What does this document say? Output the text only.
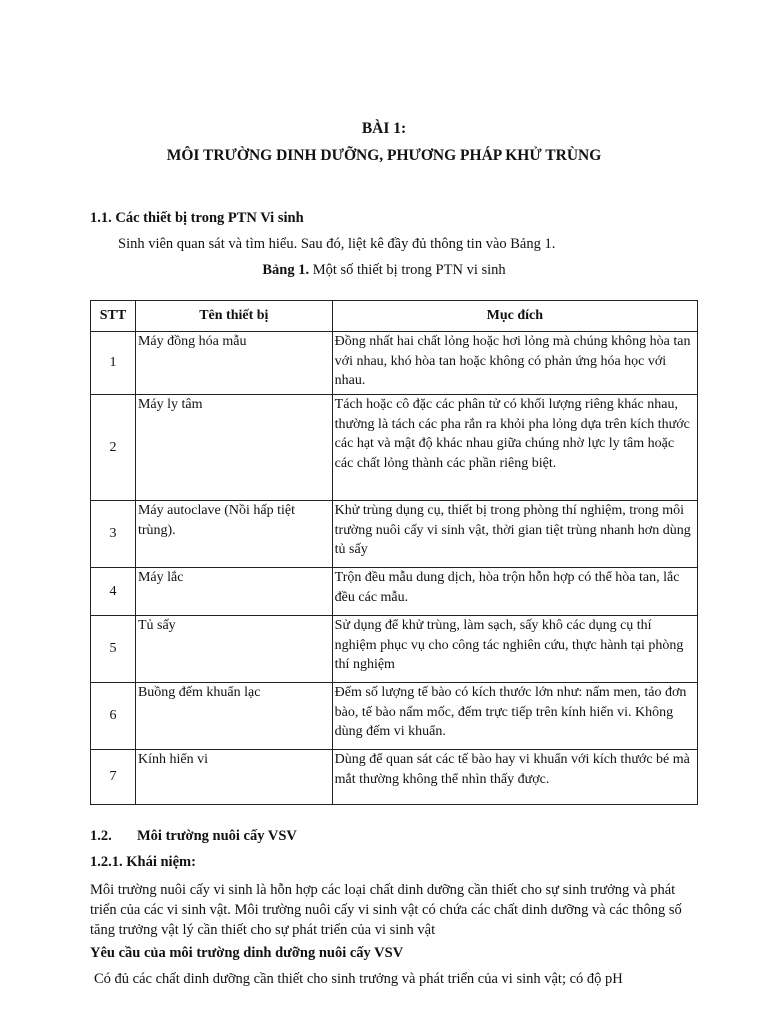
BÀI 1:
MÔI TRƯỜNG DINH DƯỠNG, PHƯƠNG PHÁP KHỬ TRÙNG
1.1. Các thiết bị trong PTN Vi sinh
Sinh viên quan sát và tìm hiểu. Sau đó, liệt kê đầy đủ thông tin vào Bảng 1.
Bảng 1. Một số thiết bị trong PTN vi sinh
STT	Tên thiết bị	Mục đích
1	Máy đồng hóa mẫu	Đồng nhất hai chất lỏng hoặc hơi lỏng mà chúng không hòa tan với nhau, khó hòa tan hoặc không có phản ứng hóa học với nhau.
2	Máy ly tâm	Tách hoặc cô đặc các phân tử có khối lượng riêng khác nhau, thường là tách các pha rắn ra khỏi pha lỏng dựa trên kích thước các hạt và mật độ khác nhau giữa chúng nhờ lực ly tâm hoặc các chất lỏng thành các phần riêng biệt.
3	Máy autoclave (Nồi hấp tiệt trùng).	Khử trùng dụng cụ, thiết bị trong phòng thí nghiệm, trong môi trường nuôi cấy vi sinh vật, thời gian tiệt trùng nhanh hơn dùng tủ sấy
4	Máy lắc	Trộn đều mẫu dung dịch, hòa trộn hỗn hợp có thể hòa tan, lắc đều các mẫu.
5	Tủ sấy	Sử dụng để khử trùng, làm sạch, sấy khô các dụng cụ thí nghiệm phục vụ cho công tác nghiên cứu, thực hành tại phòng thí nghiệm
6	Buồng đếm khuẩn lạc	Đếm số lượng tế bào có kích thước lớn như: nấm men, tảo đơn bào, tế bào nấm mốc, đếm trực tiếp trên kính hiển vi. Không dùng đếm vi khuẩn.
7	Kính hiển vi	Dùng để quan sát các tế bào hay vi khuẩn với kích thước bé mà mắt thường không thể nhìn thấy được.
1.2. Môi trường nuôi cấy VSV
1.2.1. Khái niệm:
Môi trường nuôi cấy vi sinh là hỗn hợp các loại chất dinh dưỡng cần thiết cho sự sinh trưởng và phát triển của các vi sinh vật. Môi trường nuôi cấy vi sinh vật có chứa các chất dinh dưỡng và các thông số tăng trưởng vật lý cần thiết cho sự phát triển của vi sinh vật
Yêu cầu của môi trường dinh dưỡng nuôi cấy VSV
Có đủ các chất dinh dưỡng cần thiết cho sinh trưởng và phát triển của vi sinh vật; có độ pH
